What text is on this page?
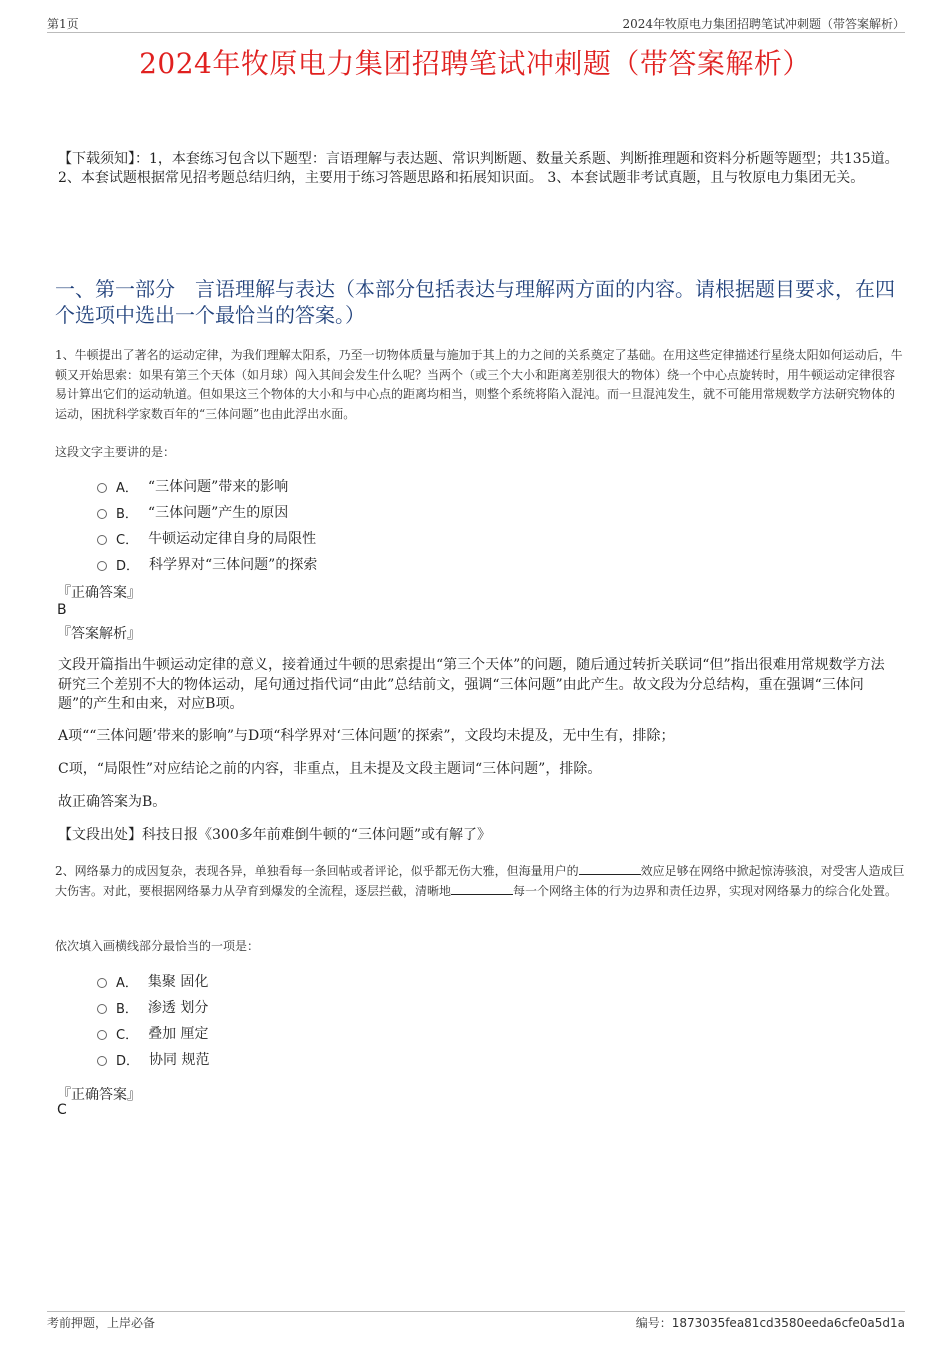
第1页	2024年牧原电力集团招聘笔试冲刺题（带答案解析）
2024年牧原电力集团招聘笔试冲刺题（带答案解析）
【下载须知】：1，本套练习包含以下题型：言语理解与表达题、常识判断题、数量关系题、判断推理题和资料分析题等题型；共135道。 2、本套试题根据常见招考题总结归纳，主要用于练习答题思路和拓展知识面。 3、本套试题非考试真题，且与牧原电力集团无关。
一、第一部分　言语理解与表达（本部分包括表达与理解两方面的内容。请根据题目要求，在四个选项中选出一个最恰当的答案。）
1、牛顿提出了著名的运动定律，为我们理解太阳系，乃至一切物体质量与施加于其上的力之间的关系奠定了基础。在用这些定律描述行星绕太阳如何运动后，牛顿又开始思索：如果有第三个天体（如月球）闯入其间会发生什么呢？当两个（或三个大小和距离差别很大的物体）绕一个中心点旋转时，用牛顿运动定律很容易计算出它们的运动轨道。但如果这三个物体的大小和与中心点的距离均相当，则整个系统将陷入混沌。而一旦混沌发生，就不可能用常规数学方法研究物体的运动，困扰科学家数百年的“三体问题”也由此浮出水面。
这段文字主要讲的是：
A． “三体问题”带来的影响
B． “三体问题”产生的原因
C． 牛顿运动定律自身的局限性
D． 科学界对“三体问题”的探索
『正确答案』
B
『答案解析』
文段开篇指出牛顿运动定律的意义，接着通过牛顿的思索提出“第三个天体”的问题，随后通过转折关联词“但”指出很难用常规数学方法研究三个差别不大的物体运动，尾句通过指代词“由此”总结前文，强调“三体问题”由此产生。故文段为分总结构，重在强调“三体问题”的产生和由来，对应B项。
A项““三体问题’带来的影响”与D项“科学界对‘三体问题’的探索”，文段均未提及，无中生有，排除；
C项，“局限性”对应结论之前的内容，非重点，且未提及文段主题词“三体问题”，排除。
故正确答案为B。
【文段出处】科技日报《300多年前难倒牛顿的“三体问题”或有解了》
2、网络暴力的成因复杂，表现各异，单独看每一条回帖或者评论，似乎都无伤大雅，但海量用户的	效应足够在网络中掀起惊涛骇浪，对受害人造成巨大伤害。对此，要根据网络暴力从孕育到爆发的全流程，逐层拦截，清晰地	每一个网络主体的行为边界和责任边界，实现对网络暴力的综合化处置。
依次填入画横线部分最恰当的一项是：
A． 集聚 固化
B． 渗透 划分
C． 叠加 厘定
D． 协同 规范
『正确答案』
C
考前押题，上岸必备	编号：1873035fea81cd3580eeda6cfe0a5d1a
